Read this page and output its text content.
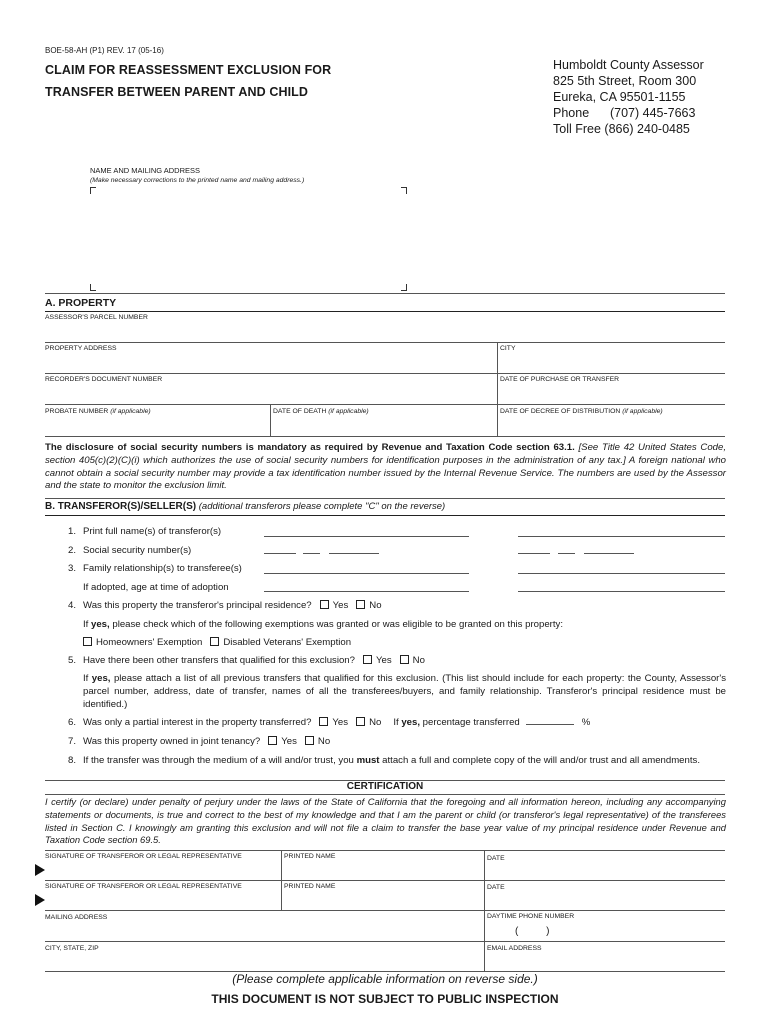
BOE-58-AH (P1) REV. 17 (05-16)
CLAIM FOR REASSESSMENT EXCLUSION FOR
TRANSFER BETWEEN PARENT AND CHILD
Humboldt County Assessor
825 5th Street, Room 300
Eureka, CA 95501-1155
Phone      (707) 445-7663
Toll Free (866) 240-0485
NAME AND MAILING ADDRESS
(Make necessary corrections to the printed name and mailing address.)
A. PROPERTY
ASSESSOR'S PARCEL NUMBER
PROPERTY ADDRESS	CITY
RECORDER'S DOCUMENT NUMBER	DATE OF PURCHASE OR TRANSFER
PROBATE NUMBER (if applicable)	DATE OF DEATH (if applicable)	DATE OF DECREE OF DISTRIBUTION (if applicable)
The disclosure of social security numbers is mandatory as required by Revenue and Taxation Code section 63.1. [See Title 42 United States Code, section 405(c)(2)(C)(i) which authorizes the use of social security numbers for identification purposes in the administration of any tax.] A foreign national who cannot obtain a social security number may provide a tax identification number issued by the Internal Revenue Service. The numbers are used by the Assessor and the state to monitor the exclusion limit.
B. TRANSFEROR(S)/SELLER(S) (additional transferors please complete "C" on the reverse)
1. Print full name(s) of transferor(s)
2. Social security number(s)
3. Family relationship(s) to transferee(s)
If adopted, age at time of adoption
4. Was this property the transferor's principal residence? Yes No
If yes, please check which of the following exemptions was granted or was eligible to be granted on this property:
Homeowners' Exemption Disabled Veterans' Exemption
5. Have there been other transfers that qualified for this exclusion? Yes No
If yes, please attach a list of all previous transfers that qualified for this exclusion. (This list should include for each property: the County, Assessor's parcel number, address, date of transfer, names of all the transferees/buyers, and family relationship. Transferor's principal residence must be identified.)
6. Was only a partial interest in the property transferred? Yes No If yes, percentage transferred	%
7. Was this property owned in joint tenancy? Yes No
8. If the transfer was through the medium of a will and/or trust, you must attach a full and complete copy of the will and/or trust and all amendments.
CERTIFICATION
I certify (or declare) under penalty of perjury under the laws of the State of California that the foregoing and all information hereon, including any accompanying statements or documents, is true and correct to the best of my knowledge and that I am the parent or child (or transferor's legal representative) of the transferees listed in Section C. I knowingly am granting this exclusion and will not file a claim to transfer the base year value of my principal residence under Revenue and Taxation Code section 69.5.
SIGNATURE OF TRANSFEROR OR LEGAL REPRESENTATIVE	PRINTED NAME	DATE
SIGNATURE OF TRANSFEROR OR LEGAL REPRESENTATIVE	PRINTED NAME	DATE
MAILING ADDRESS	DAYTIME PHONE NUMBER
(          )
CITY, STATE, ZIP	EMAIL ADDRESS
(Please complete applicable information on reverse side.)
THIS DOCUMENT IS NOT SUBJECT TO PUBLIC INSPECTION
